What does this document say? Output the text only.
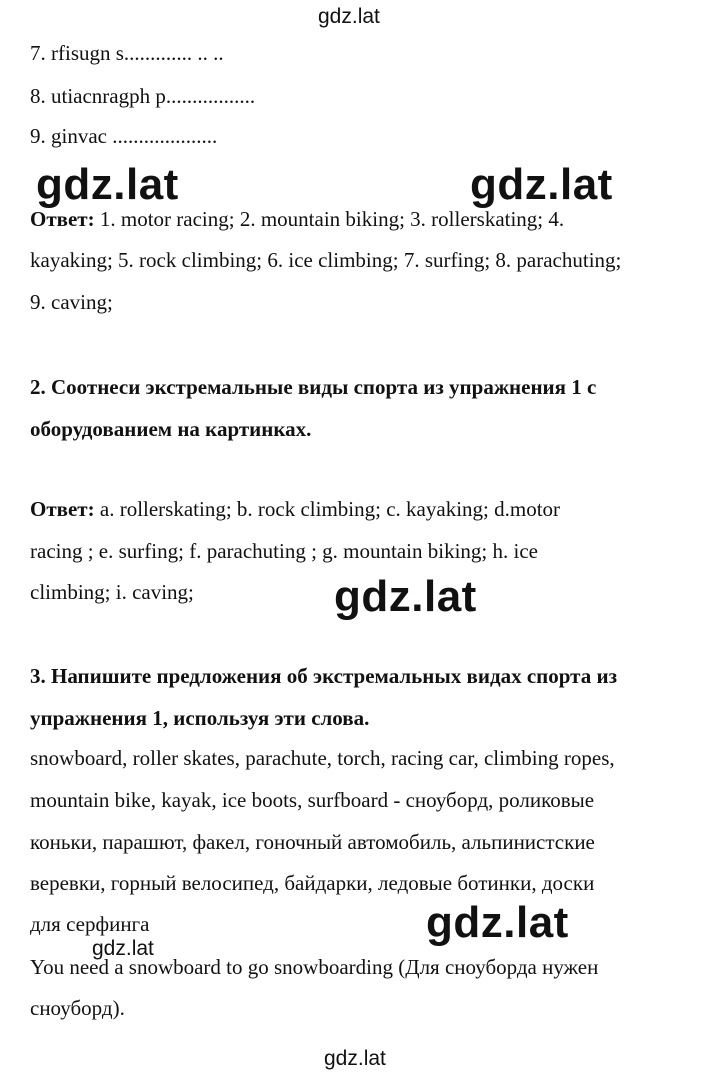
gdz.lat
7. rfisugn s............. .. ..
8. utiacnragph p.................
9. ginvac ....................
Ответ: 1. motor racing; 2. mountain biking; 3. rollerskating; 4.
kayaking; 5. rock climbing; 6. ice climbing; 7. surfing; 8. parachuting;
9. caving;
gdz.lat	gdz.lat
2. Соотнеси экстремальные виды спорта из упражнения 1 с
оборудованием на картинках.
Ответ: a. rollerskating; b. rock climbing; c. kayaking; d.motor
racing ; e. surfing; f. parachuting ; g. mountain biking; h. ice
climbing; i. caving;	gdz.lat
3. Напишите предложения об экстремальных видах спорта из
упражнения 1, используя эти слова.
snowboard, roller skates, parachute, torch, racing car, climbing ropes,
mountain bike, kayak, ice boots, surfboard - сноуборд, роликовые
коньки, парашют, факел, гоночный автомобиль, альпинистские
веревки, горный велосипед, байдарки, ледовые ботинки, доски
для серфинга
You need a snowboard to go snowboarding (Для сноуборда нужен
сноуборд).
gdz.lat
gdz.lat
gdz.lat
